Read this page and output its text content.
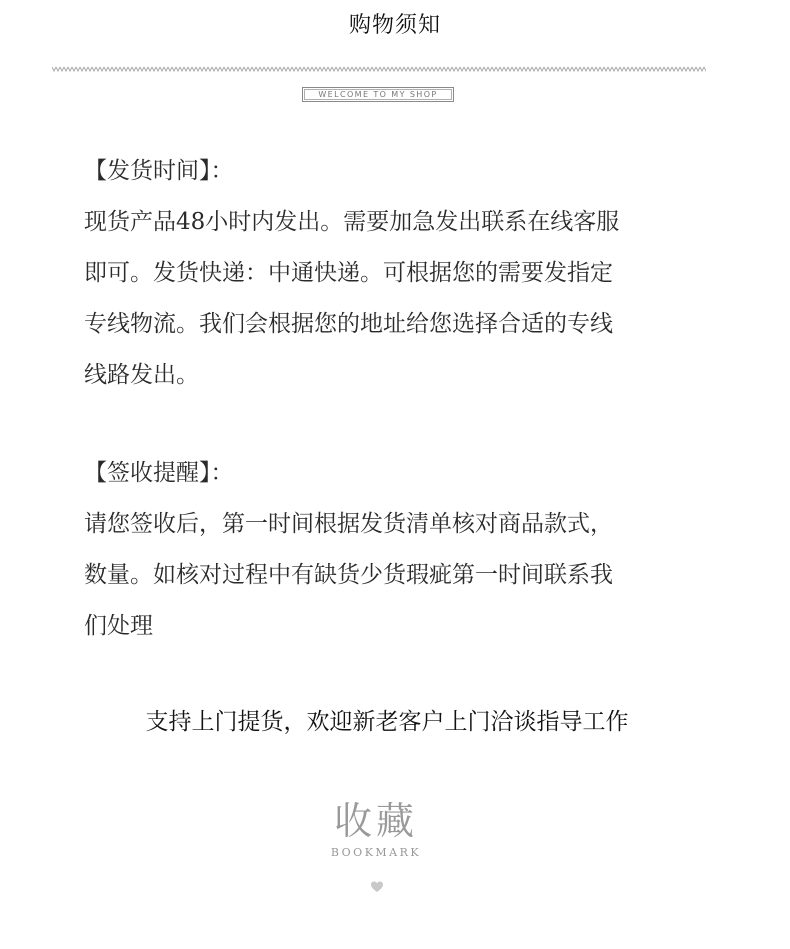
购物须知
WELCOME TO MY SHOP
【发货时间】：
现货产品48小时内发出。需要加急发出联系在线客服
即可。发货快递：中通快递。可根据您的需要发指定
专线物流。我们会根据您的地址给您选择合适的专线
线路发出。
【签收提醒】：
请您签收后，第一时间根据发货清单核对商品款式，
数量。如核对过程中有缺货少货瑕疵第一时间联系我
们处理
支持上门提货，欢迎新老客户上门洽谈指导工作
收藏
BOOKMARK
